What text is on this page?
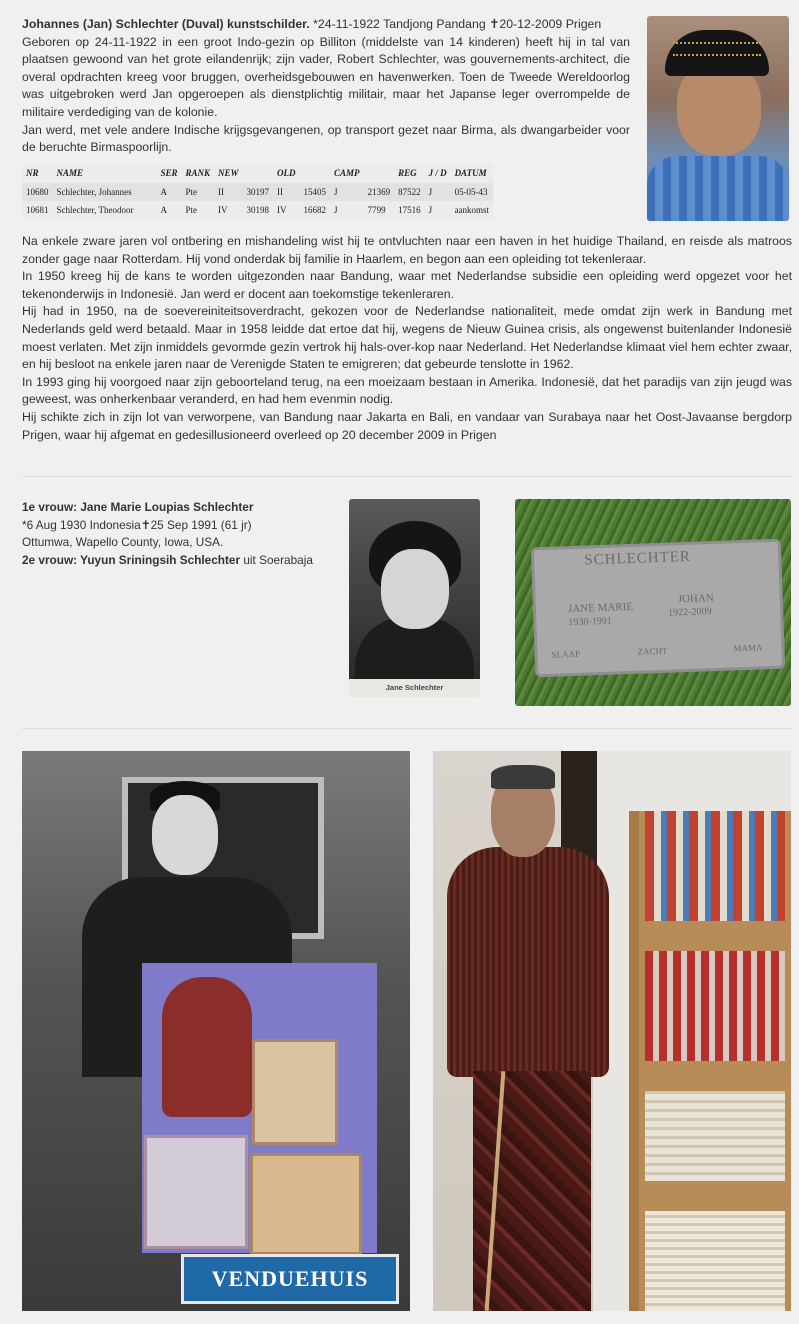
Johannes (Jan) Schlechter (Duval) kunstschilder. *24-11-1922 Tandjong Pandang ✝20-12-2009 Prigen

Geboren op 24-11-1922 in een groot Indo-gezin op Billiton (middelste van 14 kinderen) heeft hij in tal van plaatsen gewoond van het grote eilandenrijk; zijn vader, Robert Schlechter, was gouvernements-architect, die overal opdrachten kreeg voor bruggen, overheidsgebouwen en havenwerken. Toen de Tweede Wereldoorlog was uitgebroken werd Jan opgeroepen als dienstplichtig militair, maar het Japanse leger overrompelde de militaire verdediging van de kolonie.

Jan werd, met vele andere Indische krijgsgevangenen, op transport gezet naar Birma, als dwangarbeider voor de beruchte Birmaspoorlijn.

NR	NAME	SER	RANK	NEW		OLD		CAMP		REG	J / D	DATUM
10680	Schlechter, Johannes	A	Pte	II	30197	II	15405	J	21369	87522	J	05-05-43
10681	Schlechter, Theodoor	A	Pte	IV	30198	IV	16682	J	7799	17516	J	aankomst

Na enkele zware jaren vol ontbering en mishandeling wist hij te ontvluchten naar een haven in het huidige Thailand, en reisde als matroos zonder gage naar Rotterdam. Hij vond onderdak bij familie in Haarlem, en begon aan een opleiding tot tekenleraar.

In 1950 kreeg hij de kans te worden uitgezonden naar Bandung, waar met Nederlandse subsidie een opleiding werd opgezet voor het tekenonderwijs in Indonesië. Jan werd er docent aan toekomstige tekenleraren.

Hij had in 1950, na de soevereiniteitsoverdracht, gekozen voor de Nederlandse nationaliteit, mede omdat zijn werk in Bandung met Nederlands geld werd betaald. Maar in 1958 leidde dat ertoe dat hij, wegens de Nieuw Guinea crisis, als ongewenst buitenlander Indonesië moest verlaten. Met zijn inmiddels gevormde gezin vertrok hij hals-over-kop naar Nederland. Het Nederlandse klimaat viel hem echter zwaar, en hij besloot na enkele jaren naar de Verenigde Staten te emigreren; dat gebeurde tenslotte in 1962.

In 1993 ging hij voorgoed naar zijn geboorteland terug, na een moeizaam bestaan in Amerika. Indonesië, dat het paradijs van zijn jeugd was geweest, was onherkenbaar veranderd, en had hem evenmin nodig.

Hij schikte zich in zijn lot van verworpene, van Bandung naar Jakarta en Bali, en vandaar van Surabaya naar het Oost-Javaanse bergdorp Prigen, waar hij afgemat en gedesillusioneerd overleed op 20 december 2009 in Prigen

1e vrouw: Jane Marie Loupias Schlechter
*6 Aug 1930 Indonesia✝25 Sep 1991 (61 jr)
Ottumwa, Wapello County, Iowa, USA.
2e vrouw: Yuyun Sriningsih Schlechter uit Soerabaja
Jane Schlechter
SCHLECHTER
JANE MARIE
1930-1991
JOHAN
1922-2009
SLAAP	ZACHT	MAMA
VENDUEHUIS
